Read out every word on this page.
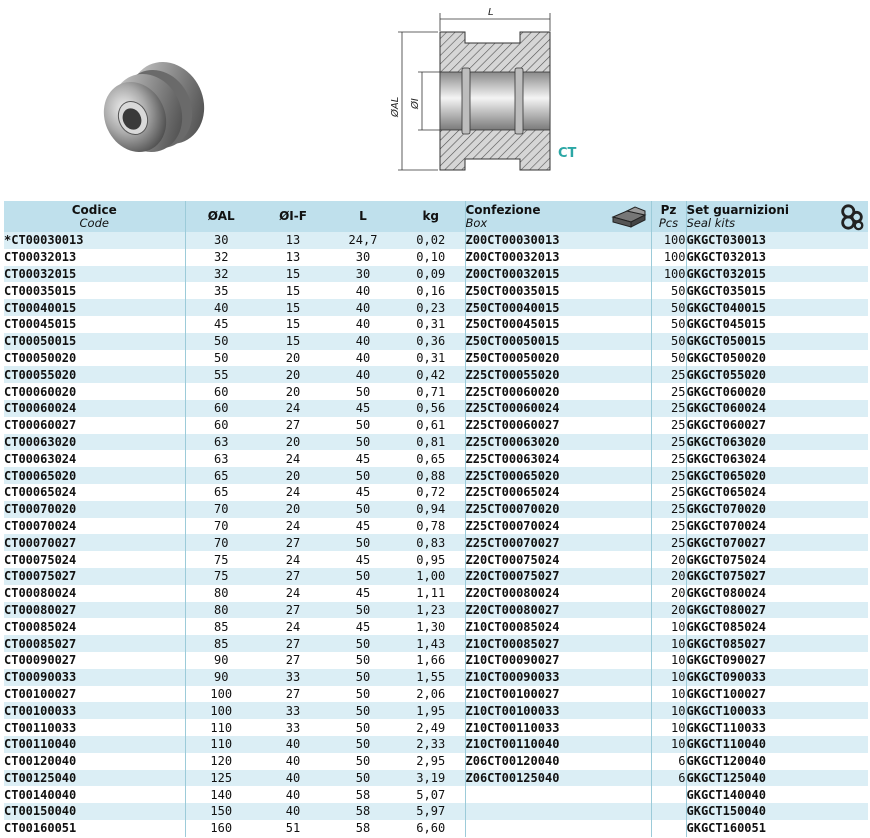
L
ØAL ØI
CT
Codice
Code	ØAL	ØI-F	L	kg	Confezione
Box	Pz
Pcs	Set guarnizioni
Seal kits

*CT00030013	30	13	24,7	0,02	Z00CT00030013	100	GKGCT030013
CT00032013	32	13	30	0,10	Z00CT00032013	100	GKGCT032013
CT00032015	32	15	30	0,09	Z00CT00032015	100	GKGCT032015
CT00035015	35	15	40	0,16	Z50CT00035015	50	GKGCT035015
CT00040015	40	15	40	0,23	Z50CT00040015	50	GKGCT040015
CT00045015	45	15	40	0,31	Z50CT00045015	50	GKGCT045015
CT00050015	50	15	40	0,36	Z50CT00050015	50	GKGCT050015
CT00050020	50	20	40	0,31	Z50CT00050020	50	GKGCT050020
CT00055020	55	20	40	0,42	Z25CT00055020	25	GKGCT055020
CT00060020	60	20	50	0,71	Z25CT00060020	25	GKGCT060020
CT00060024	60	24	45	0,56	Z25CT00060024	25	GKGCT060024
CT00060027	60	27	50	0,61	Z25CT00060027	25	GKGCT060027
CT00063020	63	20	50	0,81	Z25CT00063020	25	GKGCT063020
CT00063024	63	24	45	0,65	Z25CT00063024	25	GKGCT063024
CT00065020	65	20	50	0,88	Z25CT00065020	25	GKGCT065020
CT00065024	65	24	45	0,72	Z25CT00065024	25	GKGCT065024
CT00070020	70	20	50	0,94	Z25CT00070020	25	GKGCT070020
CT00070024	70	24	45	0,78	Z25CT00070024	25	GKGCT070024
CT00070027	70	27	50	0,83	Z25CT00070027	25	GKGCT070027
CT00075024	75	24	45	0,95	Z20CT00075024	20	GKGCT075024
CT00075027	75	27	50	1,00	Z20CT00075027	20	GKGCT075027
CT00080024	80	24	45	1,11	Z20CT00080024	20	GKGCT080024
CT00080027	80	27	50	1,23	Z20CT00080027	20	GKGCT080027
CT00085024	85	24	45	1,30	Z10CT00085024	10	GKGCT085024
CT00085027	85	27	50	1,43	Z10CT00085027	10	GKGCT085027
CT00090027	90	27	50	1,66	Z10CT00090027	10	GKGCT090027
CT00090033	90	33	50	1,55	Z10CT00090033	10	GKGCT090033
CT00100027	100	27	50	2,06	Z10CT00100027	10	GKGCT100027
CT00100033	100	33	50	1,95	Z10CT00100033	10	GKGCT100033
CT00110033	110	33	50	2,49	Z10CT00110033	10	GKGCT110033
CT00110040	110	40	50	2,33	Z10CT00110040	10	GKGCT110040
CT00120040	120	40	50	2,95	Z06CT00120040	6	GKGCT120040
CT00125040	125	40	50	3,19	Z06CT00125040	6	GKGCT125040
CT00140040	140	40	58	5,07			GKGCT140040
CT00150040	150	40	58	5,97			GKGCT150040
CT00160051	160	51	58	6,60			GKGCT160051
